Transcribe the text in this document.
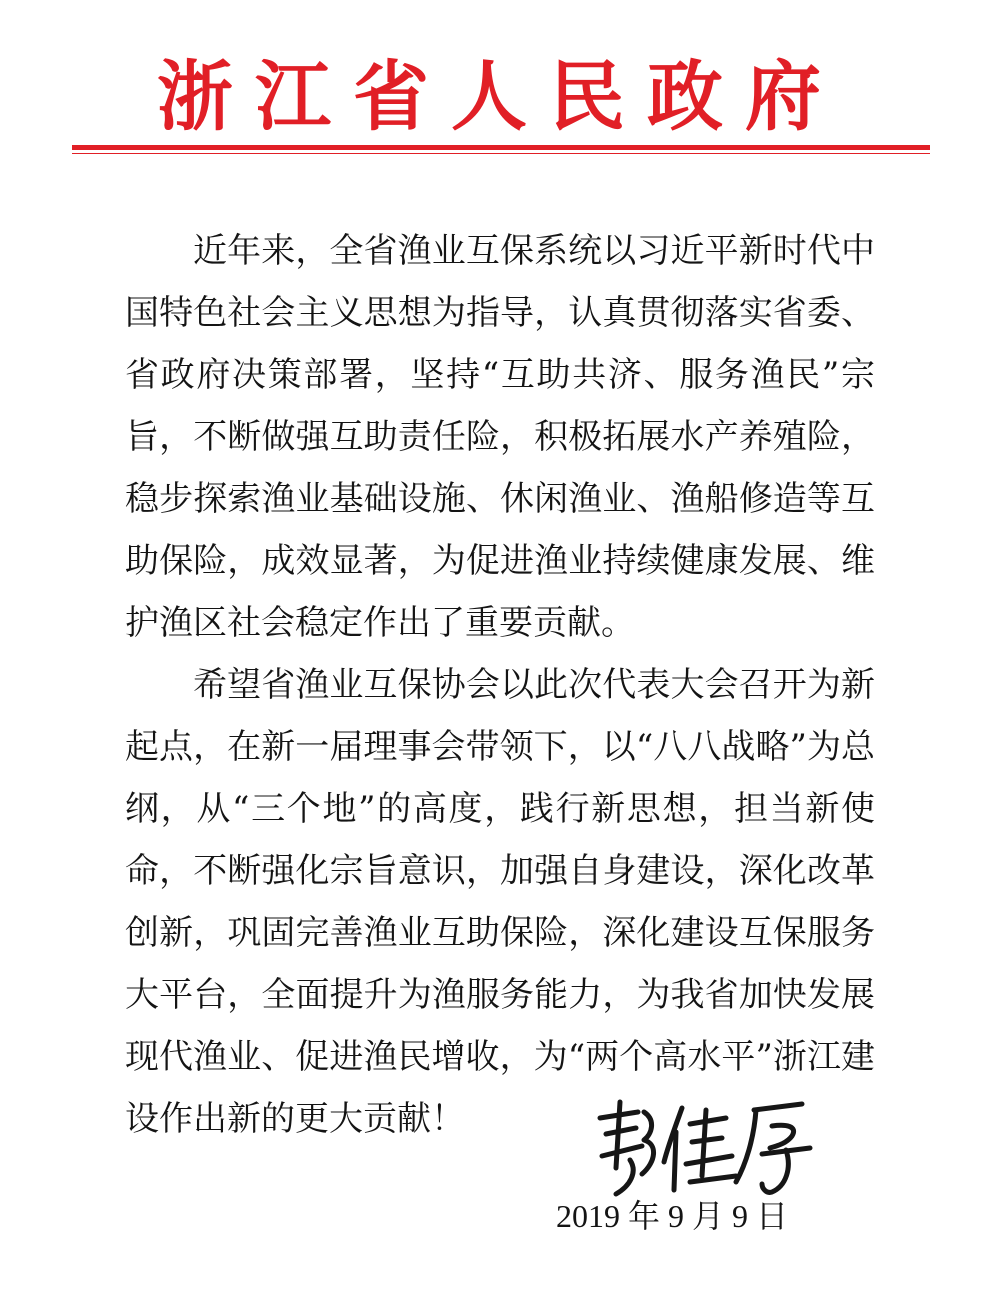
浙江省人民政府

近年来，全省渔业互保系统以习近平新时代中国特色社会主义思想为指导，认真贯彻落实省委、省政府决策部署，坚持“互助共济、服务渔民”宗旨，不断做强互助责任险，积极拓展水产养殖险，稳步探索渔业基础设施、休闲渔业、渔船修造等互助保险，成效显著，为促进渔业持续健康发展、维护渔区社会稳定作出了重要贡献。

希望省渔业互保协会以此次代表大会召开为新起点，在新一届理事会带领下，以“八八战略”为总纲，从“三个地”的高度，践行新思想，担当新使命，不断强化宗旨意识，加强自身建设，深化改革创新，巩固完善渔业互助保险，深化建设互保服务大平台，全面提升为渔服务能力，为我省加快发展现代渔业、促进渔民增收，为“两个高水平”浙江建设作出新的更大贡献！

2019 年 9 月 9 日
